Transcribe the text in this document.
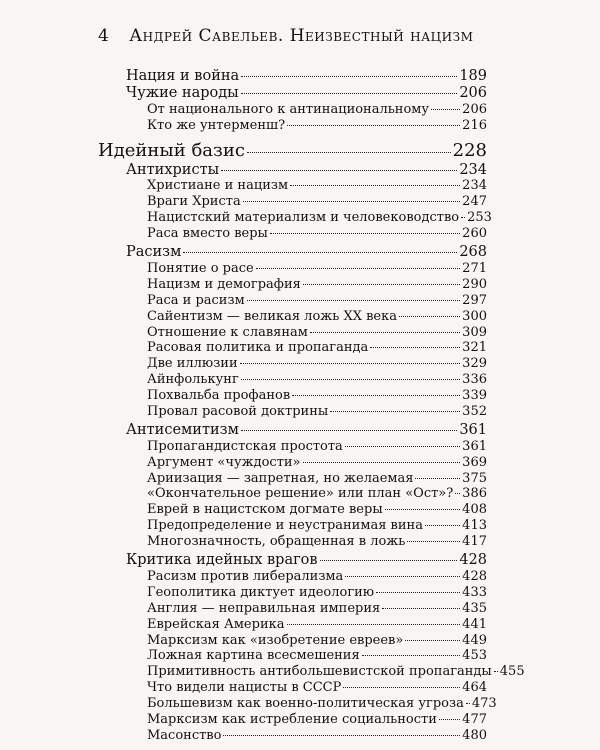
4 Андрей Савельев. Неизвестный нацизм
Нация и война	189
Чужие народы	206
От национального к антинациональному	206
Кто же унтерменш?	216
Идейный базис	228
Антихристы	234
Христиане и нацизм	234
Враги Христа	247
Нацистский материализм и человеководство 253
Раса вместо веры	260
Расизм	268
Понятие о расе	271
Нацизм и демография	290
Раса и расизм	297
Сайентизм — великая ложь XX века	300
Отношение к славянам	309
Расовая политика и пропаганда	321
Две иллюзии	329
Айнфолькунг	336
Похвальба профанов	339
Провал расовой доктрины	352
Антисемитизм	361
Пропагандистская простота	361
Аргумент «чуждости»	369
Ариизация — запретная, но желаемая	375
«Окончательное решение» или план «Ост»? 386
Еврей в нацистском догмате веры	408
Предопределение и неустранимая вина	413
Многозначность, обращенная в ложь	417
Критика идейных врагов	428
Расизм против либерализма	428
Геополитика диктует идеологию	433
Англия — неправильная империя	435
Еврейская Америка	441
Марксизм как «изобретение евреев»	449
Ложная картина всесмешения	453
Примитивность антибольшевистской пропаганды 455
Что видели нацисты в СССР	464
Большевизм как военно-политическая угроза 473
Марксизм как истребление социальности 477
Масонство	480
